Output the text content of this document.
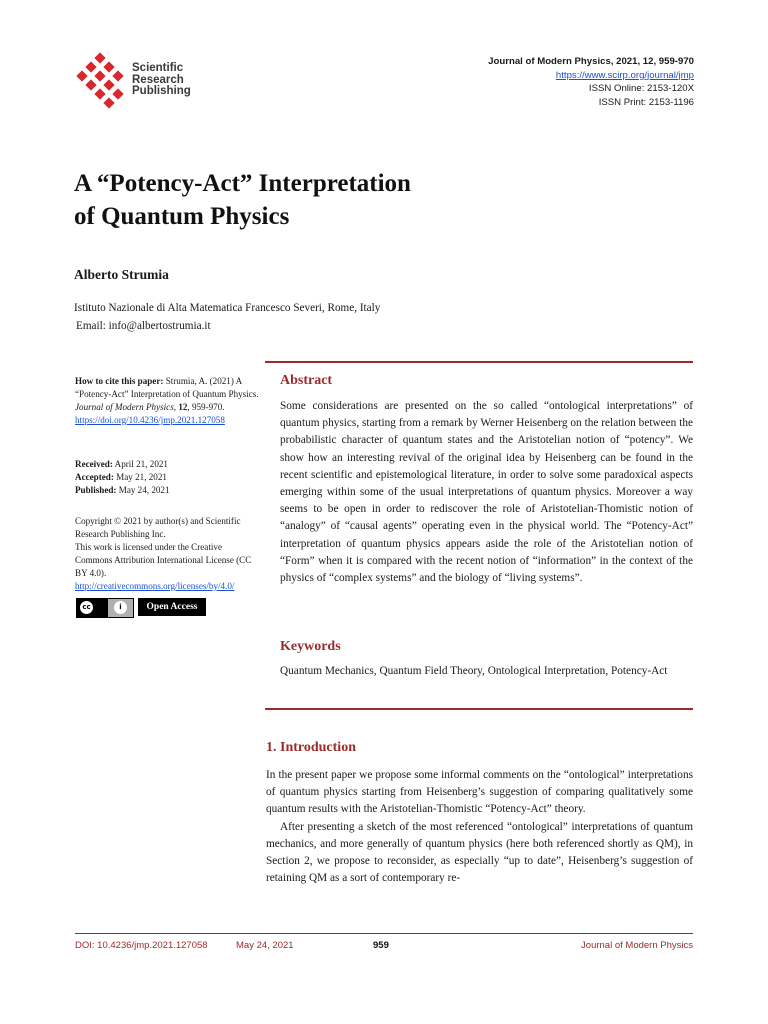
Scientific
Research
Publishing
Journal of Modern Physics, 2021, 12, 959-970
https://www.scirp.org/journal/jmp
ISSN Online: 2153-120X
ISSN Print: 2153-1196
A “Potency-Act” Interpretation
of Quantum Physics
Alberto Strumia
Istituto Nazionale di Alta Matematica Francesco Severi, Rome, Italy
Email: info@albertostrumia.it
How to cite this paper: Strumia, A. (2021) A “Potency-Act” Interpretation of Quantum Physics. Journal of Modern Physics, 12, 959-970.
https://doi.org/10.4236/jmp.2021.127058
Received: April 21, 2021
Accepted: May 21, 2021
Published: May 24, 2021
Copyright © 2021 by author(s) and Scientific Research Publishing Inc.
This work is licensed under the Creative Commons Attribution International License (CC BY 4.0).
http://creativecommons.org/licenses/by/4.0/
cc	i	Open Access
Abstract

Some considerations are presented on the so called “ontological interpretations” of quantum physics, starting from a remark by Werner Heisenberg on the relation between the probabilistic character of quantum states and the Aristotelian notion of “potency”. We show how an interesting revival of the original idea by Heisenberg can be found in the recent scientific and epistemological literature, in order to solve some paradoxical aspects emerging within some of the usual interpretations of quantum physics. Moreover a way seems to be open in order to rediscover the role of Aristotelian-Thomistic notion of “analogy” of “causal agents” operating even in the physical world. The “Potency-Act” interpretation of quantum physics appears aside the role of the Aristotelian notion of “Form” when it is compared with the recent notion of “information” in the context of the physics of “complex systems” and the biology of “living systems”.

Keywords

Quantum Mechanics, Quantum Field Theory, Ontological Interpretation, Potency-Act

1. Introduction

In the present paper we propose some informal comments on the “ontological” interpretations of quantum physics starting from Heisenberg’s suggestion of comparing qualitatively some quantum results with the Aristotelian-Thomistic “Potency-Act” theory.

After presenting a sketch of the most referenced “ontological” interpretations of quantum mechanics, and more generally of quantum physics (here both referenced shortly as QM), in Section 2, we propose to reconsider, as especially “up to date”, Heisenberg’s suggestion of retaining QM as a sort of contemporary re-

DOI: 10.4236/jmp.2021.127058	May 24, 2021	959	Journal of Modern Physics
